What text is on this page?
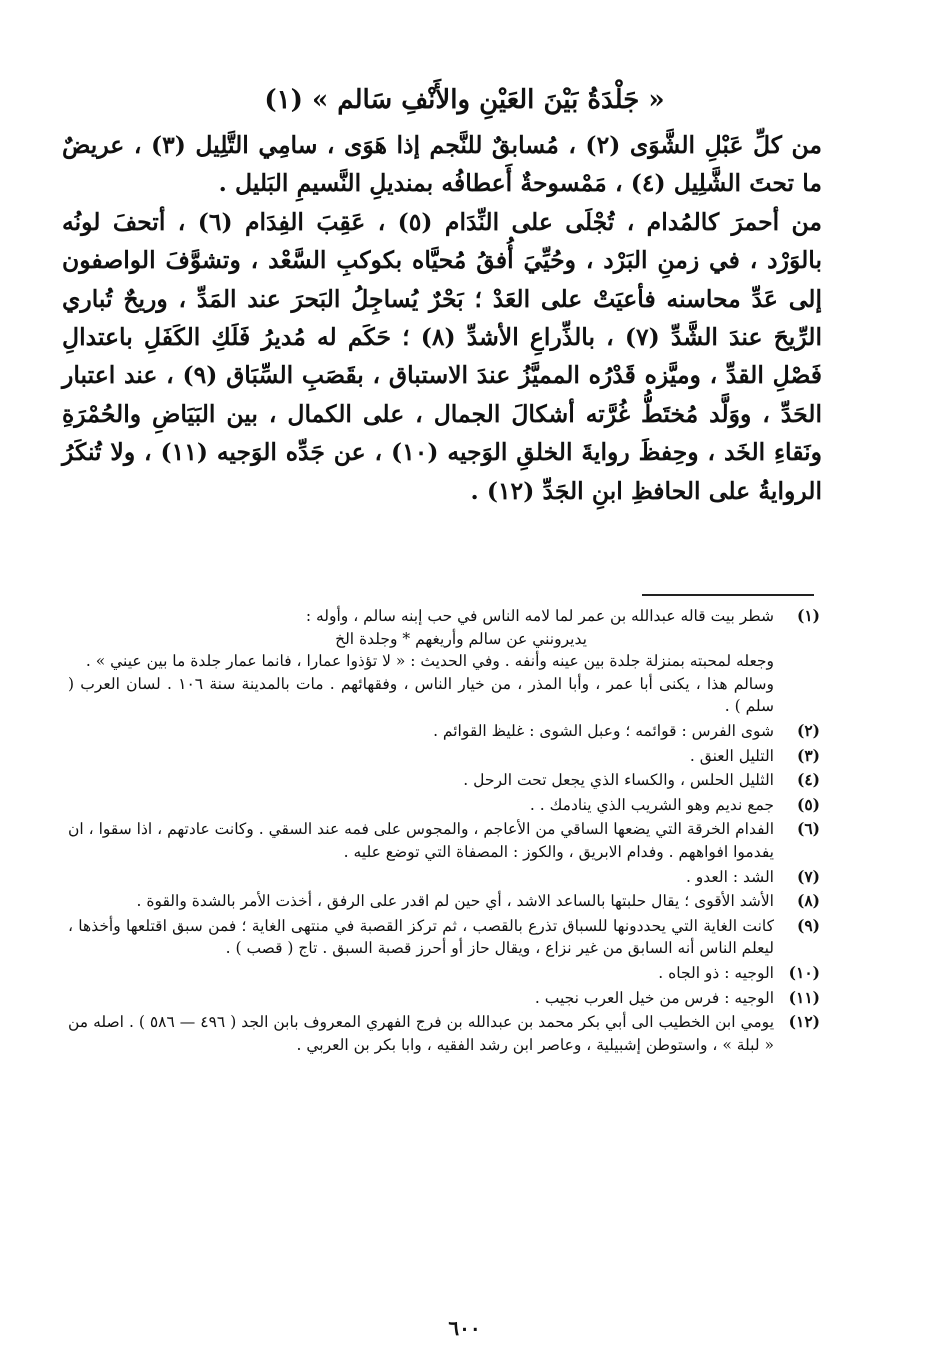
« جَلْدَةُ بَيْنَ العَيْنِ والأَنْفِ سَالم » (١)

من كلِّ عَبْلِ الشَّوَى (٢) ، مُسابقٌ للنَّجم إذا هَوَى ، سامِي التَّلِيل (٣) ، عريضٌ ما تحتَ الشَّلِيل (٤) ، مَمْسوحةٌ أَعطافُه بمنديلِ النَّسيمِ البَليل .

من أحمرَ كالمُدام ، تُجْلَى على النِّدَام (٥) ، عَقِبَ الفِدَام (٦) ، أتحفَ لونُه بالوَرْد ، في زمنِ البَرْد ، وحُيِّيَ أُفقُ مُحيَّاه بكوكبِ السَّعْد ، وتشوَّفَ الواصفون إلى عَدِّ محاسنه فأعيَتْ على العَدْ ؛ بَحْرٌ يُساجِلُ البَحرَ عند المَدِّ ، وريحٌ تُباري الرِّيحَ عندَ الشَّدِّ (٧) ، بالذِّراعِ الأشدِّ (٨) ؛ حَكَم له مُديرُ فَلَكِ الكَفَلِ باعتدالِ فَصْلِ القدِّ ، وميَّزه قَدْرُه المميَّزُ عندَ الاستباق ، بقَصَبِ السِّبَاق (٩) ، عند اعتبار الحَدِّ ، ووَلَّد مُختَطُّ غُرَّته أشكالَ الجمال ، على الكمال ، بين البَيَاضِ والحُمْرَةِ ونَقاءِ الخَد ، وحِفظَ روايةَ الخلقِ الوَجيه (١٠) ، عن جَدِّه الوَجيه (١١) ، ولا تُنكَرُ الروايةُ على الحافظِ ابنِ الجَدِّ (١٢) .

(١)
شطر بيت قاله عبدالله بن عمر لما لامه الناس في حب إبنه سالم ، وأوله :
يديرونني عن سالم وأريغهم * وجلدة الخ
وجعله لمحبته بمنزلة جلدة بين عينه وأنفه . وفي الحديث : « لا تؤذوا عمارا ، فانما عمار جلدة ما بين عيني » .
وسالم هذا ، يكنى أبا عمر ، وأبا المذر ، من خيار الناس ، وفقهائهم . مات بالمدينة سنة ١٠٦ . لسان العرب ( سلم ) .
(٢)
شوى الفرس : قوائمه ؛ وعبل الشوى : غليظ القوائم .
(٣)
التليل العنق .
(٤)
الثليل الحلس ، والكساء الذي يجعل تحت الرحل .
(٥)
جمع نديم وهو الشريب الذي ينادمك . .
(٦)
الفدام الخرقة التي يضعها الساقي من الأعاجم ، والمجوس على فمه عند السقي . وكانت عادتهم ، اذا سقوا ، ان يفدموا افواههم . وفدام الابريق ، والكوز : المصفاة التي توضع عليه .
(٧)
الشد : العدو .
(٨)
الأشد الأقوى ؛ يقال حلبتها بالساعد الاشد ، أي حين لم اقدر على الرفق ، أخذت الأمر بالشدة والقوة .
(٩)
كانت الغاية التي يحددونها للسباق تذرع بالقصب ، ثم تركز القصبة في منتهى الغاية ؛ فمن سبق اقتلعها وأخذها ، ليعلم الناس أنه السابق من غير نزاع ، ويقال حاز أو أحرز قصبة السبق . تاج ( قصب ) .
(١٠)
الوجيه : ذو الجاه .
(١١)
الوجيه : فرس من خيل العرب نجيب .
(١٢)
يومي ابن الخطيب الى أبي بكر محمد بن عبدالله بن فرج الفهري المعروف بابن الجد ( ٤٩٦ — ٥٨٦ ) . اصله من « لبلة » ، واستوطن إشبيلية ، وعاصر ابن رشد الفقيه ، وابا بكر بن العربي .
٦٠٠
